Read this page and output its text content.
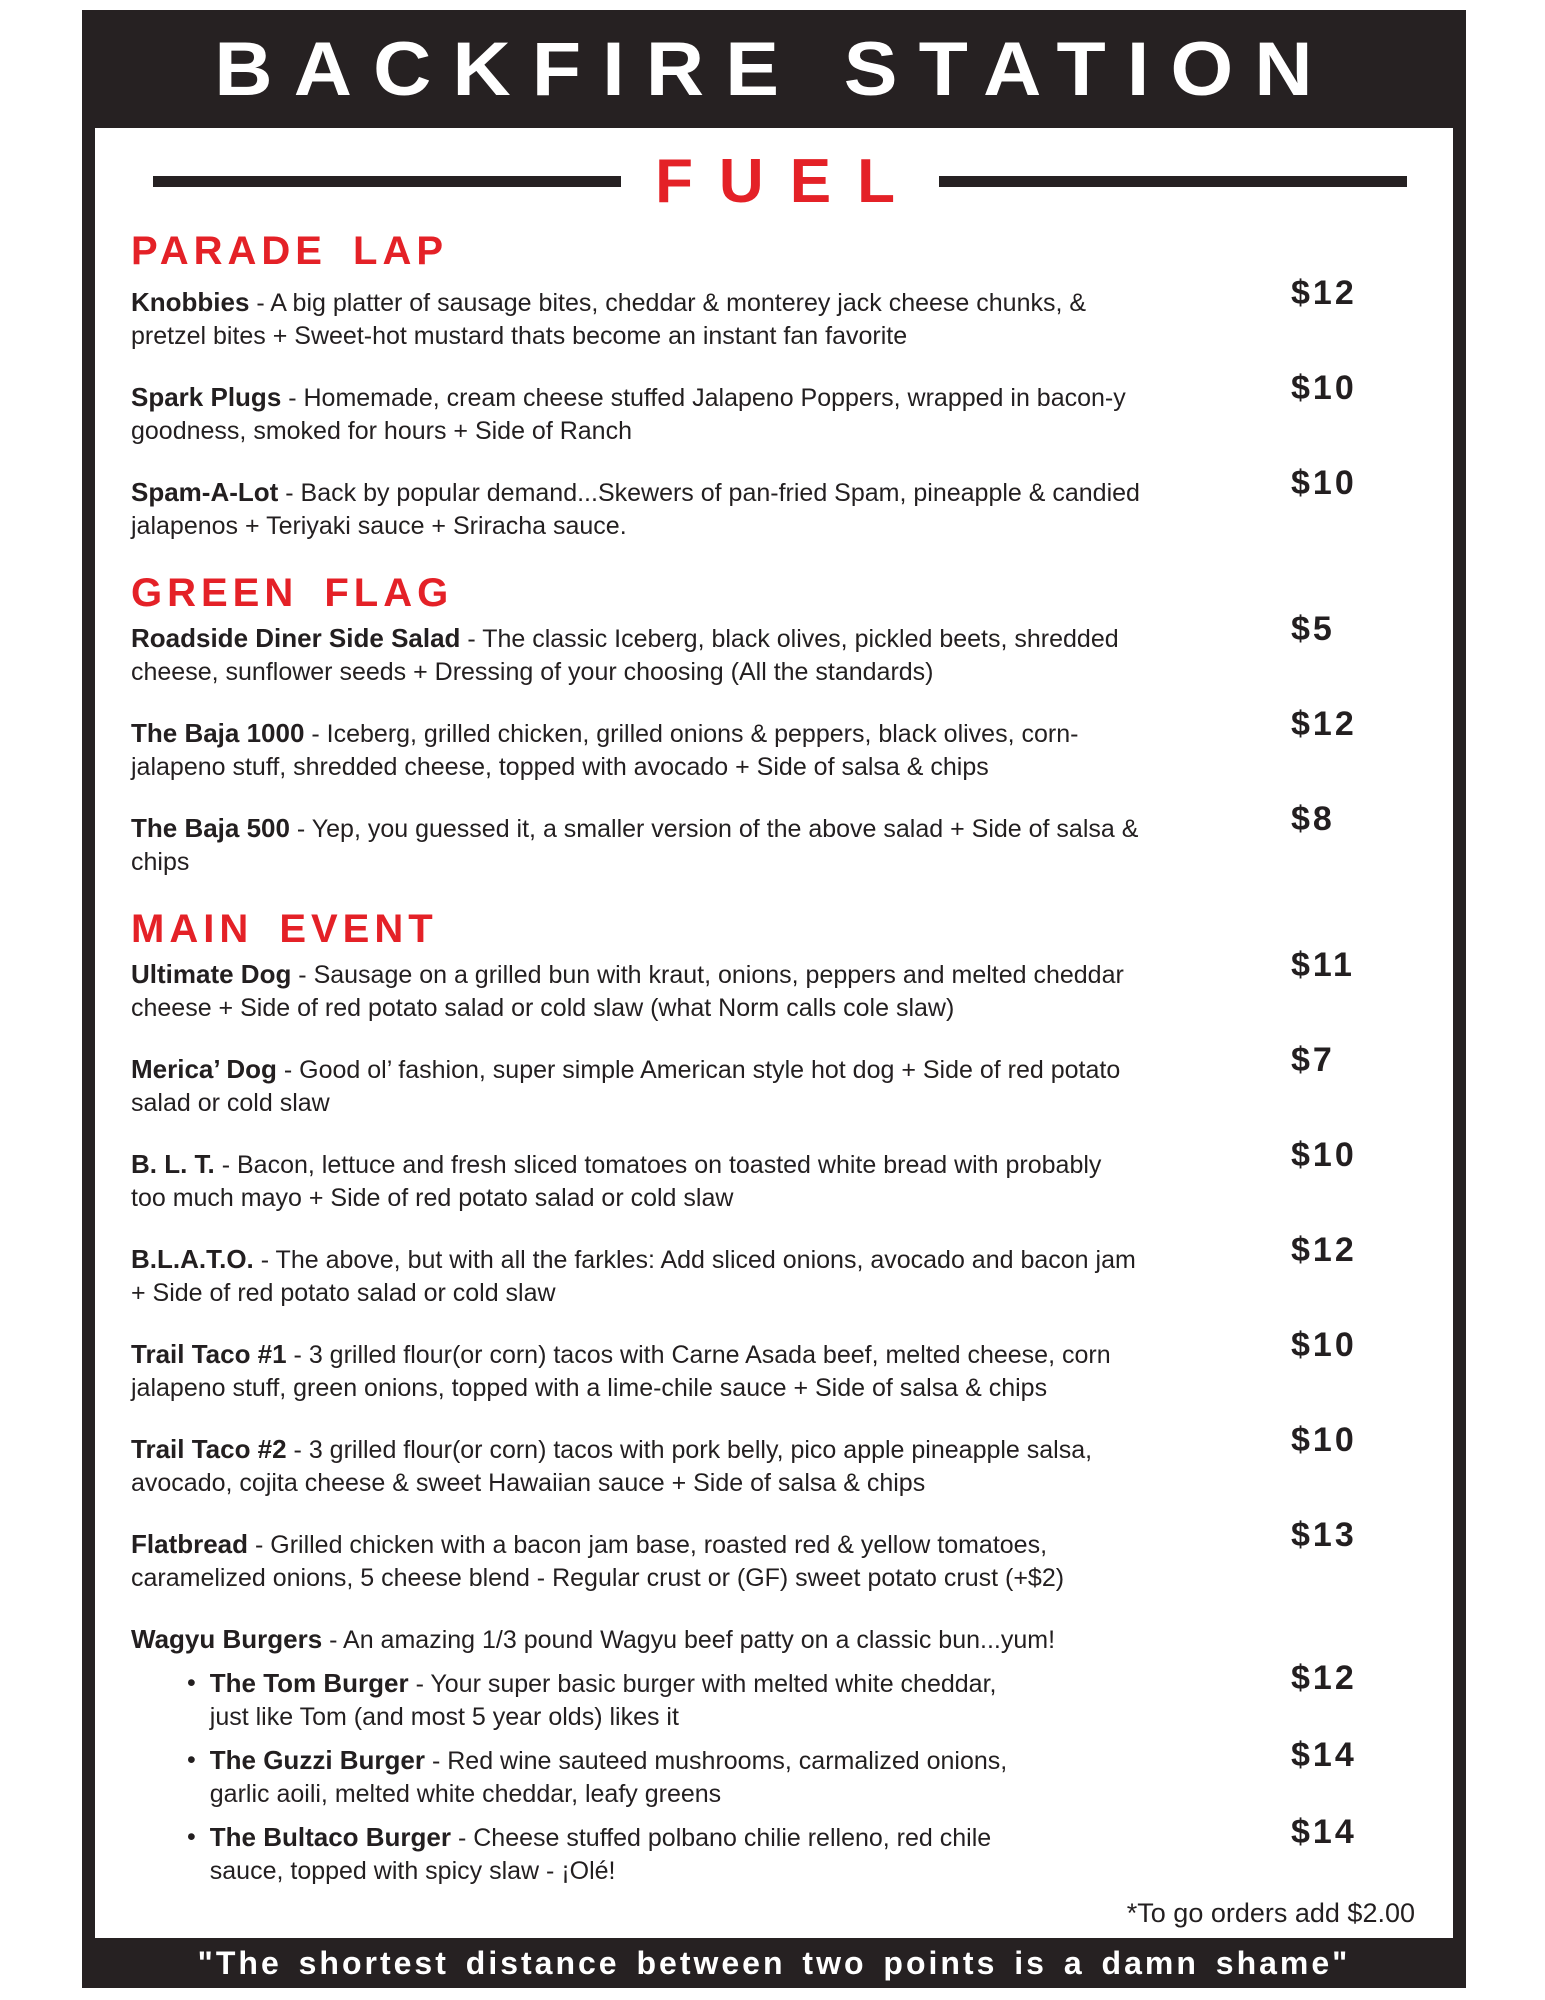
BACKFIRE STATION
FUEL
PARADE LAP

Knobbies - A big platter of sausage bites, cheddar & monterey jack cheese chunks, & pretzel bites + Sweet-hot mustard thats become an instant fan favorite

$12

Spark Plugs - Homemade, cream cheese stuffed Jalapeno Poppers, wrapped in bacon-y goodness, smoked for hours + Side of Ranch

$10

Spam-A-Lot - Back by popular demand...Skewers of pan-fried Spam, pineapple & candied jalapenos + Teriyaki sauce + Sriracha sauce.

$10
GREEN FLAG

Roadside Diner Side Salad - The classic Iceberg, black olives, pickled beets, shredded cheese, sunflower seeds + Dressing of your choosing (All the standards)

$5

The Baja 1000 - Iceberg, grilled chicken, grilled onions & peppers, black olives, corn-jalapeno stuff, shredded cheese, topped with avocado + Side of salsa & chips

$12

The Baja 500 - Yep, you guessed it, a smaller version of the above salad + Side of salsa & chips

$8
MAIN EVENT

Ultimate Dog - Sausage on a grilled bun with kraut, onions, peppers and melted cheddar cheese + Side of red potato salad or cold slaw (what Norm calls cole slaw)

$11

Merica’ Dog - Good ol’ fashion, super simple American style hot dog + Side of red potato salad or cold slaw

$7

B. L. T. - Bacon, lettuce and fresh sliced tomatoes on toasted white bread with probably too much mayo + Side of red potato salad or cold slaw

$10

B.L.A.T.O. - The above, but with all the farkles: Add sliced onions, avocado and bacon jam + Side of red potato salad or cold slaw

$12

Trail Taco #1 - 3 grilled flour(or corn) tacos with Carne Asada beef, melted cheese, corn jalapeno stuff, green onions, topped with a lime-chile sauce + Side of salsa & chips

$10

Trail Taco #2 - 3 grilled flour(or corn) tacos with pork belly, pico apple pineapple salsa, avocado, cojita cheese & sweet Hawaiian sauce + Side of salsa & chips

$10

Flatbread - Grilled chicken with a bacon jam base, roasted red & yellow tomatoes, caramelized onions, 5 cheese blend - Regular crust or (GF) sweet potato crust (+$2)

$13

Wagyu Burgers - An amazing 1/3 pound Wagyu beef patty on a classic bun...yum!

• The Tom Burger - Your super basic burger with melted white cheddar, just like Tom (and most 5 year olds) likes it

$12
• The Guzzi Burger - Red wine sauteed mushrooms, carmalized onions, garlic aoili, melted white cheddar, leafy greens

$14
• The Bultaco Burger - Cheese stuffed polbano chilie relleno, red chile sauce, topped with spicy slaw - ¡Olé!

$14
*To go orders add $2.00
"The shortest distance between two points is a damn shame"
